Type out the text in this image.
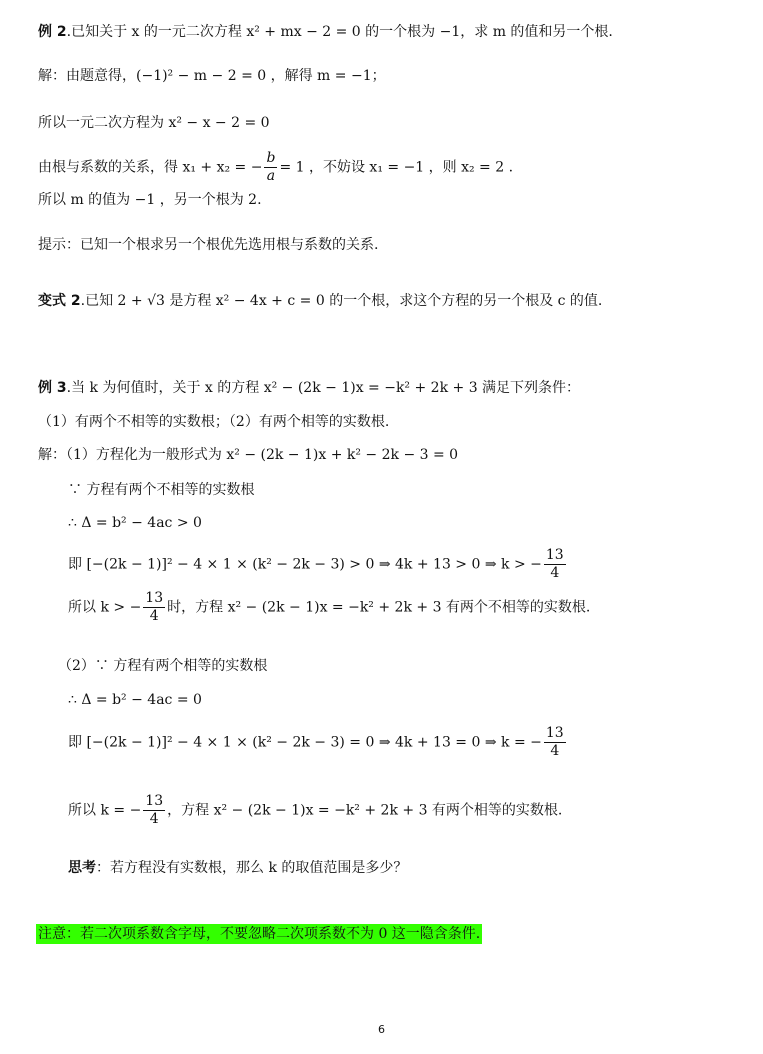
例 2.已知关于 x 的一元二次方程 x² + mx − 2 = 0 的一个根为 −1，求 m 的值和另一个根.
解：由题意得，(−1)² − m − 2 = 0 ，解得 m = −1；
所以一元二次方程为 x² − x − 2 = 0
由根与系数的关系，得 x₁ + x₂ = − $\frac{b}{a} = 1$ ，不妨设 x₁ = −1 ，则 x₂ = 2 .
所以 m 的值为 −1 ，另一个根为 2.
提示：已知一个根求另一个根优先选用根与系数的关系.
变式 2.已知 2 + √3 是方程 x² − 4x + c = 0 的一个根，求这个方程的另一个根及 c 的值.
例 3.当 k 为何值时，关于 x 的方程 x² − (2k − 1)x = −k² + 2k + 3 满足下列条件：
（1）有两个不相等的实数根；（2）有两个相等的实数根.
解：（1）方程化为一般形式为 x² − (2k − 1)x + k² − 2k − 3 = 0
∵ 方程有两个不相等的实数根
∴ Δ = b² − 4ac > 0
即 [−(2k − 1)]² − 4 × 1 × (k² − 2k − 3) > 0 ⇒ 4k + 13 > 0 ⇒ k > − $\frac{13}{4}$
所以 k > − $\frac{13}{4}$ 时，方程 x² − (2k − 1)x = −k² + 2k + 3 有两个不相等的实数根.
（2）∵ 方程有两个相等的实数根
∴ Δ = b² − 4ac = 0
即 [−(2k − 1)]² − 4 × 1 × (k² − 2k − 3) = 0 ⇒ 4k + 13 = 0 ⇒ k = − $\frac{13}{4}$
所以 k = − $\frac{13}{4}$ ，方程 x² − (2k − 1)x = −k² + 2k + 3 有两个相等的实数根.
思考：若方程没有实数根，那么 k 的取值范围是多少？
注意：若二次项系数含字母，不要忽略二次项系数不为 0 这一隐含条件.
6
